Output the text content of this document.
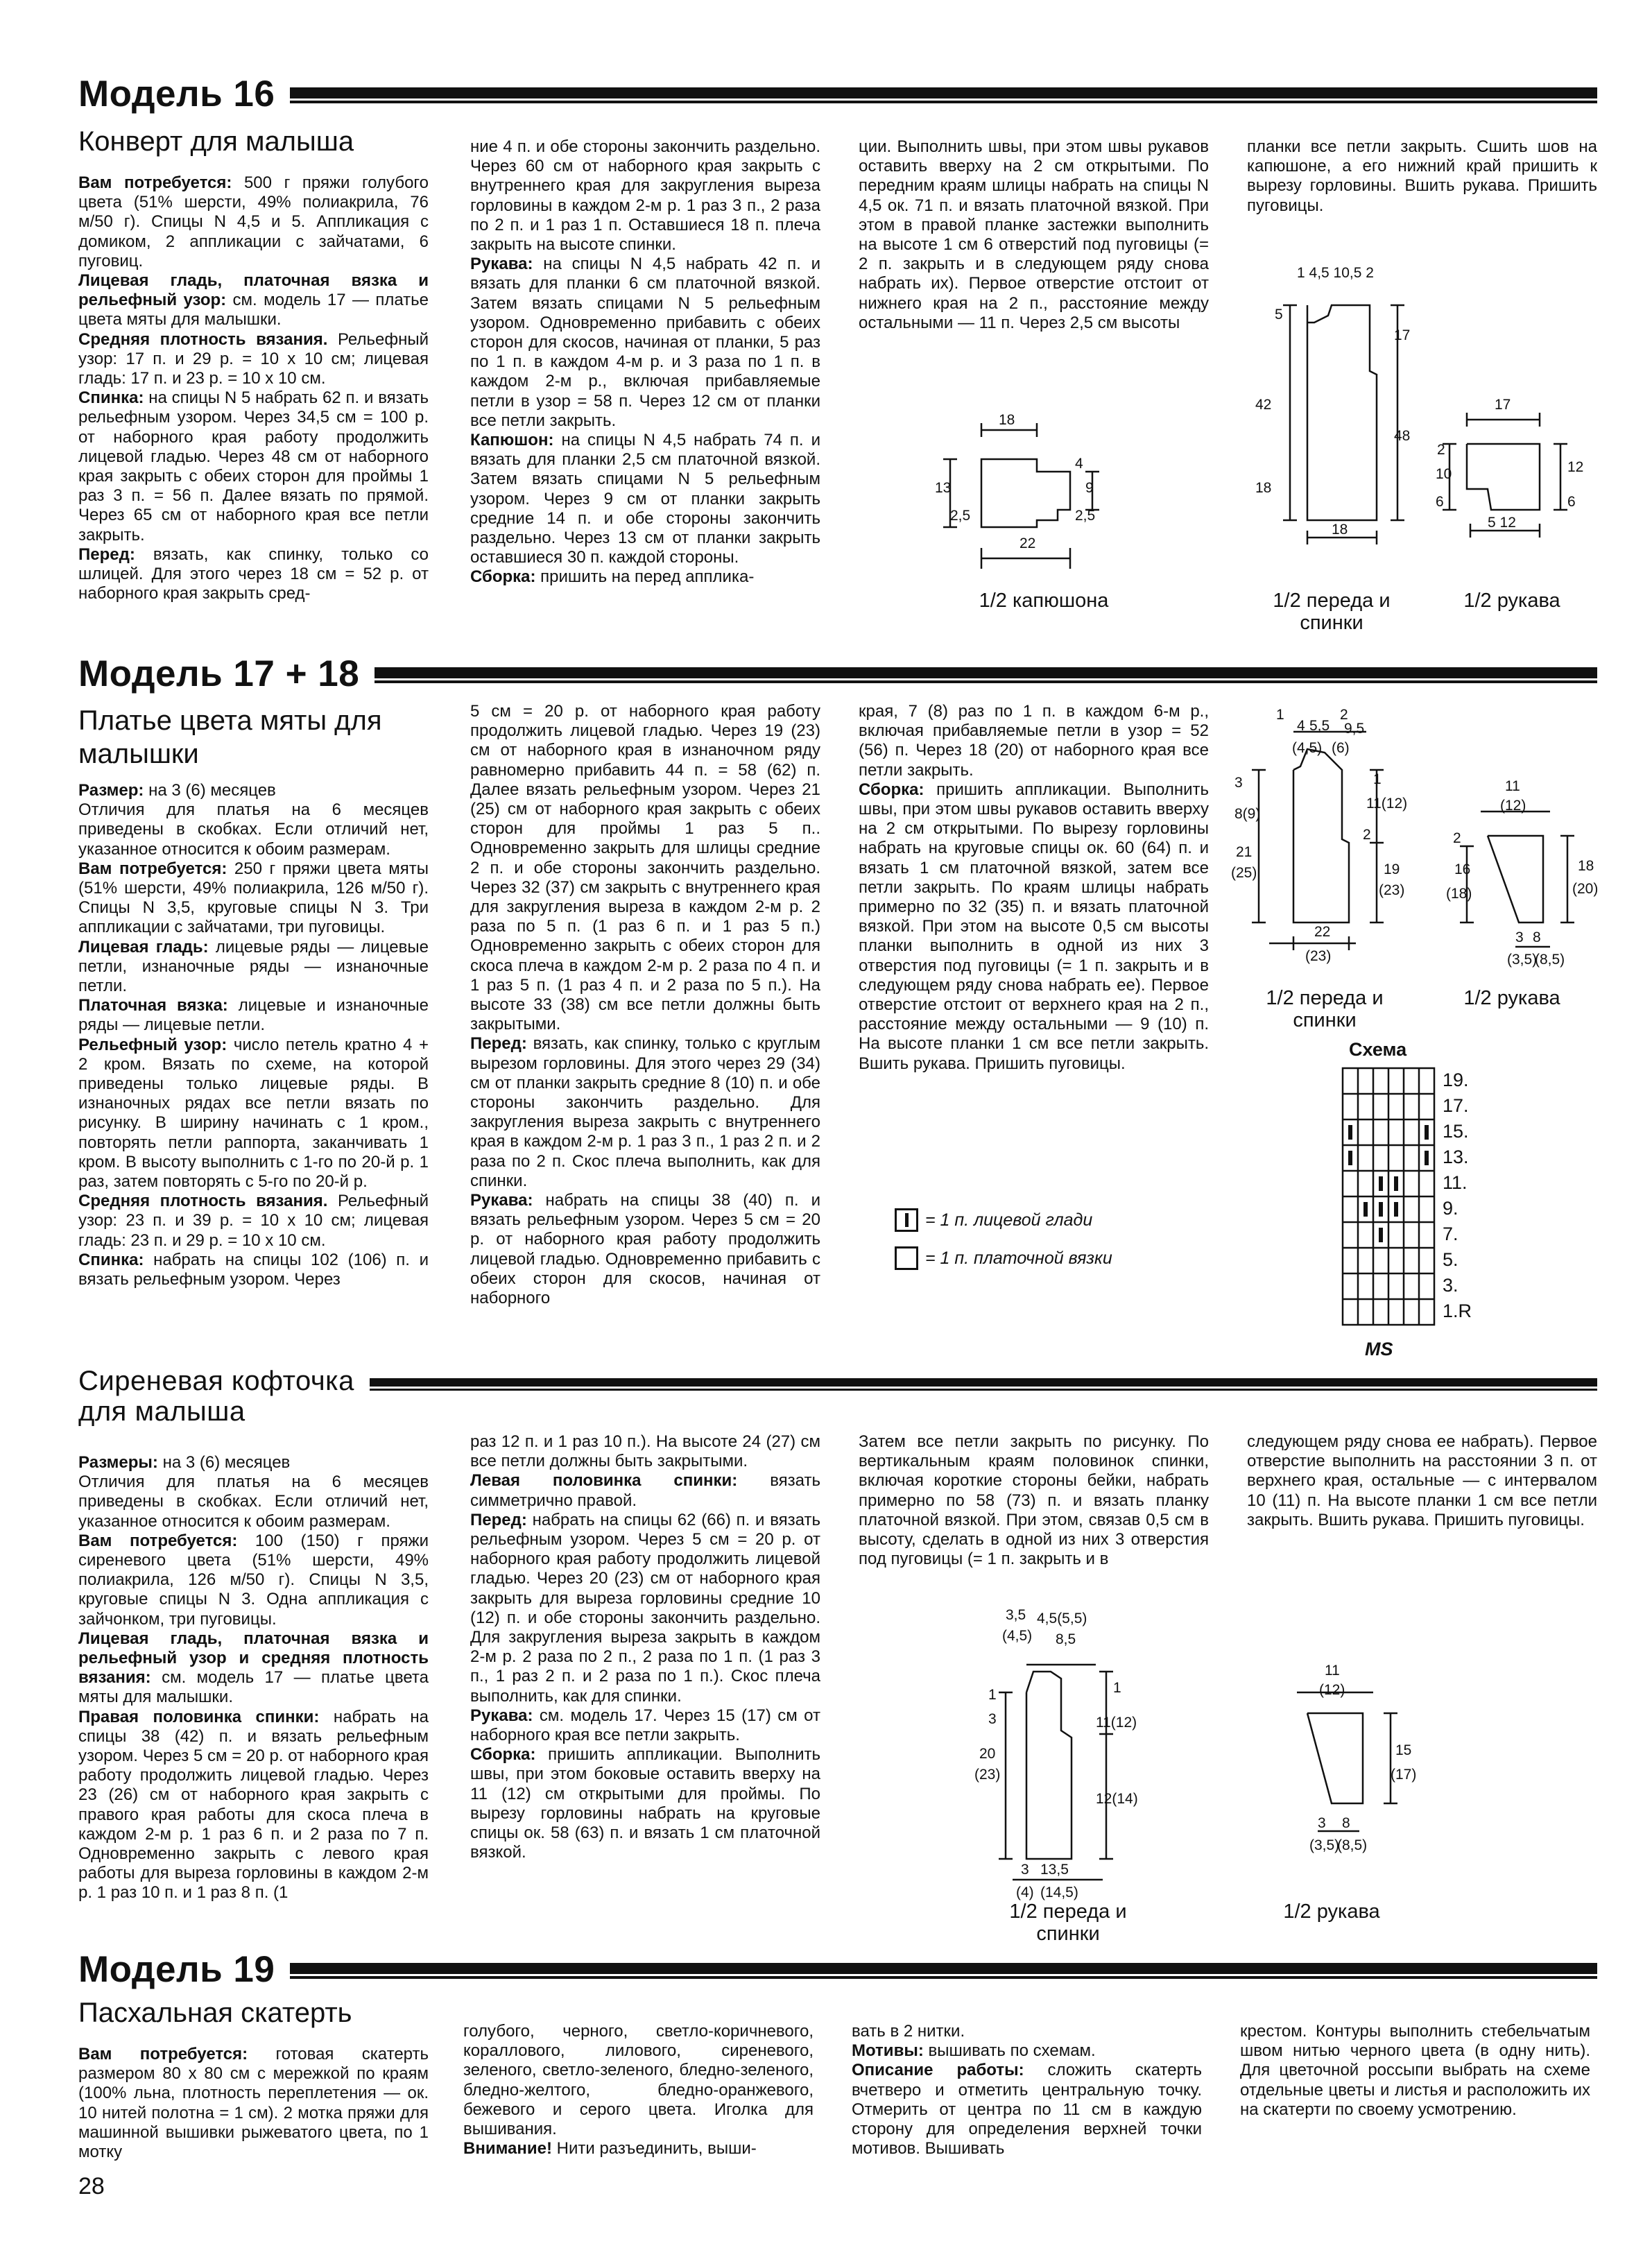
Модель 16
Конверт для малыша

Вам потребуется: 500 г пряжи голубого цвета (51% шерсти, 49% полиакрила, 76 м/50 г). Спицы N 4,5 и 5. Аппликация с домиком, 2 аппликации с зайчатами, 6 пуговиц.

Лицевая гладь, платочная вязка и рельефный узор: см. модель 17 — платье цвета мяты для малышки.

Средняя плотность вязания. Рельефный узор: 17 п. и 29 р. = 10 х 10 см; лицевая гладь: 17 п. и 23 р. = 10 х 10 см.

Спинка: на спицы N 5 набрать 62 п. и вязать рельефным узором. Через 34,5 см = 100 р. от наборного края работу продолжить лицевой гладью. Через 48 см от наборного края закрыть с обеих сторон для проймы 1 раз 3 п. = 56 п. Далее вязать по прямой. Через 65 см от наборного края все петли закрыть.

Перед: вязать, как спинку, только со шлицей. Для этого через 18 см = 52 р. от наборного края закрыть сред-

ние 4 п. и обе стороны закончить раздельно. Через 60 см от наборного края закрыть с внутреннего края для закругления выреза горловины в каждом 2-м р. 1 раз 3 п., 2 раза по 2 п. и 1 раз 1 п. Оставшиеся 18 п. плеча закрыть на высоте спинки.

Рукава: на спицы N 4,5 набрать 42 п. и вязать для планки 6 см платочной вязкой. Затем вязать спицами N 5 рельефным узором. Одновременно прибавить с обеих сторон для скосов, начиная от планки, 5 раз по 1 п. в каждом 4-м р. и 3 раза по 1 п. в каждом 2-м р., включая прибавляемые петли в узор = 58 п. Через 12 см от планки все петли закрыть.

Капюшон: на спицы N 4,5 набрать 74 п. и вязать для планки 2,5 см платочной вязкой. Затем вязать спицами N 5 рельефным узором. Через 9 см от планки закрыть средние 14 п. и обе стороны закончить раздельно. Через 13 см от планки закрыть оставшиеся 30 п. каждой стороны.

Сборка: пришить на перед апплика-

ции. Выполнить швы, при этом швы рукавов оставить вверху на 2 см открытыми. По передним краям шлицы набрать на спицы N 4,5 ок. 71 п. и вязать платочной вязкой. При этом в правой планке застежки выполнить на высоте 1 см 6 отверстий под пуговицы (= 2 п. закрыть и в следующем ряду снова набрать их). Первое отверстие отстоит от нижнего края на 2 п., расстояние между остальными — 11 п. Через 2,5 см высоты

планки все петли закрыть. Сшить шов на капюшоне, а его нижний край пришить к вырезу горловины. Вшить рукава. Пришить пуговицы.

18
4
9
13
2,5	2,5
22
1/2 капюшона
1 4,5 10,5 2
5
42
18
17
48
18
1/2 переда и спинки
17
2
10
6
12
6
5 12
1/2 рукава
Модель 17 + 18
Платье цвета мяты для
малышки

Размер: на 3 (6) месяцев

Отличия для платья на 6 месяцев приведены в скобках. Если отличий нет, указанное относится к обоим размерам.

Вам потребуется: 250 г пряжи цвета мяты (51% шерсти, 49% полиакрила, 126 м/50 г). Спицы N 3,5, круговые спицы N 3. Три аппликации с зайчатами, три пуговицы.

Лицевая гладь: лицевые ряды — лицевые петли, изнаночные ряды — изнаночные петли.

Платочная вязка: лицевые и изнаночные ряды — лицевые петли.

Рельефный узор: число петель кратно 4 + 2 кром. Вязать по схеме, на которой приведены только лицевые ряды. В изнаночных рядах все петли вязать по рисунку. В ширину начинать с 1 кром., повторять петли раппорта, заканчивать 1 кром. В высоту выполнить с 1-го по 20-й р. 1 раз, затем повторять с 5-го по 20-й р.

Средняя плотность вязания. Рельефный узор: 23 п. и 39 р. = 10 х 10 см; лицевая гладь: 23 п. и 29 р. = 10 х 10 см.

Спинка: набрать на спицы 102 (106) п. и вязать рельефным узором. Через

5 см = 20 р. от наборного края работу продолжить лицевой гладью. Через 19 (23) см от наборного края в изнаночном ряду равномерно прибавить 44 п. = 58 (62) п. Далее вязать рельефным узором. Через 21 (25) см от наборного края закрыть с обеих сторон для проймы 1 раз 5 п.. Одновременно закрыть для шлицы средние 2 п. и обе стороны закончить раздельно. Через 32 (37) см закрыть с внутреннего края для закругления выреза в каждом 2-м р. 2 раза по 5 п. (1 раз 6 п. и 1 раз 5 п.) Одновременно закрыть с обеих сторон для скоса плеча в каждом 2-м р. 2 раза по 4 п. и 1 раз 5 п. (1 раз 4 п. и 2 раза по 5 п.). На высоте 33 (38) см все петли должны быть закрытыми.

Перед: вязать, как спинку, только с круглым вырезом горловины. Для этого через 29 (34) см от планки закрыть средние 8 (10) п. и обе стороны закончить раздельно. Для закругления выреза закрыть с внутреннего края в каждом 2-м р. 1 раз 3 п., 1 раз 2 п. и 2 раза по 2 п. Скос плеча выполнить, как для спинки.

Рукава: набрать на спицы 38 (40) п. и вязать рельефным узором. Через 5 см = 20 р. от наборного края работу продолжить лицевой гладью. Одновременно прибавить с обеих сторон для скосов, начиная от наборного

края, 7 (8) раз по 1 п. в каждом 6-м р., включая прибавляемые петли в узор = 52 (56) п. Через 18 (20) от наборного края все петли закрыть.

Сборка: пришить аппликации. Выполнить швы, при этом швы рукавов оставить вверху на 2 см открытыми. По вырезу горловины набрать на круговые спицы ок. 60 (64) п. и вязать 1 см платочной вязкой, затем все петли закрыть. По краям шлицы набрать примерно по 32 (35) п. и вязать платочной вязкой. При этом на высоте 0,5 см высоты планки выполнить в одной из них 3 отверстия под пуговицы (= 1 п. закрыть и в следующем ряду снова набрать ее). Первое отверстие отстоит от верхнего края на 2 п., расстояние между остальными — 9 (10) п. На высоте планки 1 см все петли закрыть. Вшить рукава. Пришить пуговицы.

= 1 п. лицевой глади
= 1 п. платочной вязки
1
4 5,5
(4,5) (6)
2
9,5
3
8(9)
21
(25)
1
11(12)
2
19
(23)
22
(23)
1/2 переда и спинки
11
(12)
2
16
(18)
18
(20)
3 8
(3,5)
(8,5)
1/2 рукава
Схема
19.
17.
15.
13.
11.
9.
7.
5.
3.
1.R
MS
Сиреневая кофточка
для малыша

Размеры: на 3 (6) месяцев

Отличия для платья на 6 месяцев приведены в скобках. Если отличий нет, указанное относится к обоим размерам.

Вам потребуется: 100 (150) г пряжи сиреневого цвета (51% шерсти, 49% полиакрила, 126 м/50 г). Спицы N 3,5, круговые спицы N 3. Одна аппликация с зайчонком, три пуговицы.

Лицевая гладь, платочная вязка и рельефный узор и средняя плотность вязания: см. модель 17 — платье цвета мяты для малышки.

Правая половинка спинки: набрать на спицы 38 (42) п. и вязать рельефным узором. Через 5 см = 20 р. от наборного края работу продолжить лицевой гладью. Через 23 (26) см от наборного края закрыть с правого края работы для скоса плеча в каждом 2-м р. 1 раз 6 п. и 2 раза по 7 п. Одновременно закрыть с левого края работы для выреза горловины в каждом 2-м р. 1 раз 10 п. и 1 раз 8 п. (1

раз 12 п. и 1 раз 10 п.). На высоте 24 (27) см все петли должны быть закрытыми.

Левая половинка спинки: вязать симметрично правой.

Перед: набрать на спицы 62 (66) п. и вязать рельефным узором. Через 5 см = 20 р. от наборного края работу продолжить лицевой гладью. Через 20 (23) см от наборного края закрыть для выреза горловины средние 10 (12) п. и обе стороны закончить раздельно. Для закругления выреза закрыть в каждом 2-м р. 2 раза по 2 п., 2 раза по 1 п. (1 раз 3 п., 1 раз 2 п. и 2 раза по 1 п.). Скос плеча выполнить, как для спинки.

Рукава: см. модель 17. Через 15 (17) см от наборного края все петли закрыть.

Сборка: пришить аппликации. Выполнить швы, при этом боковые оставить вверху на 11 (12) см открытыми для проймы. По вырезу горловины набрать на круговые спицы ок. 58 (63) п. и вязать 1 см платочной вязкой.

Затем все петли закрыть по рисунку. По вертикальным краям половинок спинки, включая короткие стороны бейки, набрать примерно по 58 (73) п. и вязать планку платочной вязкой. При этом, связав 0,5 см в высоту, сделать в одной из них 3 отверстия под пуговицы (= 1 п. закрыть и в

следующем ряду снова ее набрать). Первое отверстие выполнить на расстоянии 3 п. от верхнего края, остальные — с интервалом 10 (11) п. На высоте планки 1 см все петли закрыть. Вшить рукава. Пришить пуговицы.

3,5
(4,5)
4,5(5,5)
8,5
1
3
20
(23)
1
11(12)
12(14)
3 13,5
(4) (14,5)
1/2 переда и спинки
11
(12)
15
(17)
3 8
(3,5)
(8,5)
1/2 рукава
Модель 19
Пасхальная скатерть

Вам потребуется: готовая скатерть размером 80 х 80 см с мережкой по краям (100% льна, плотность переплетения — ок. 10 нитей полотна = 1 см). 2 мотка пряжи для машинной вышивки рыжеватого цвета, по 1 мотку

голубого, черного, светло-коричневого, кораллового, лилового, сиреневого, зеленого, светло-зеленого, бледно-зеленого, бледно-желтого, бледно-оранжевого, бежевого и серого цвета. Иголка для вышивания.

Внимание! Нити разъединить, выши-

вать в 2 нитки.

Мотивы: вышивать по схемам.

Описание работы: сложить скатерть вчетверо и отметить центральную точку. Отмерить от центра по 11 см в каждую сторону для определения верхней точки мотивов. Вышивать

крестом. Контуры выполнить стебельчатым швом нитью черного цвета (в одну нить). Для цветочной россыпи выбрать на схеме отдельные цветы и листья и расположить их на скатерти по своему усмотрению.

28
